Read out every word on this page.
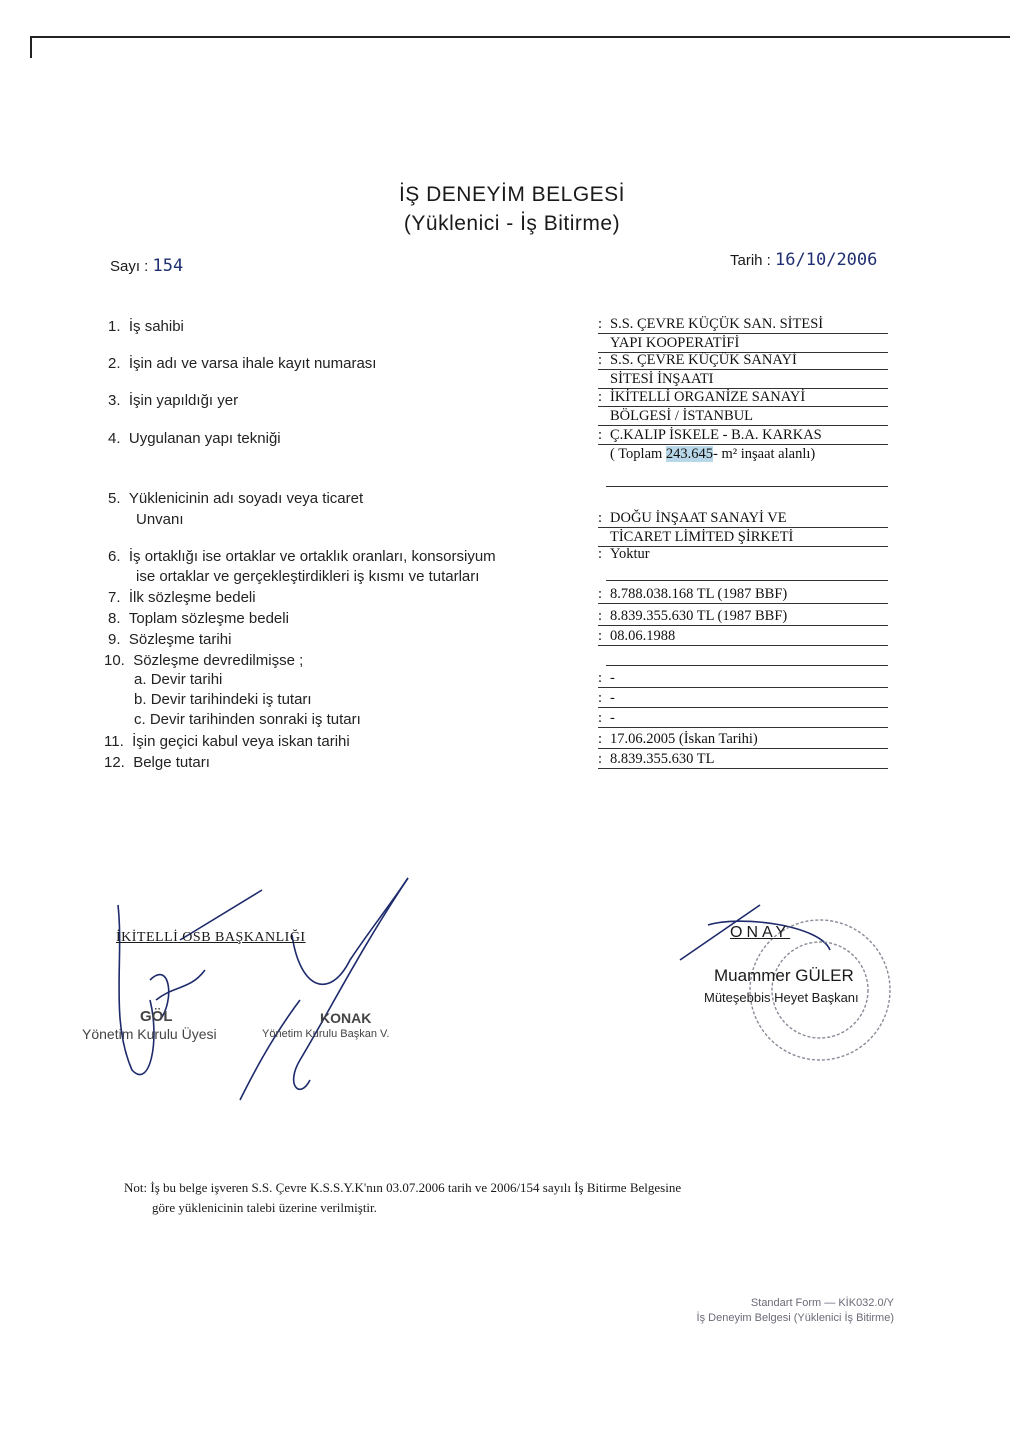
İŞ DENEYİM BELGESİ
(Yüklenici - İş Bitirme)
Sayı : 154	Tarih : 16/10/2006
1. İş sahibi
2. İşin adı ve varsa ihale kayıt numarası
3. İşin yapıldığı yer
4. Uygulanan yapı tekniği
5. Yüklenicinin adı soyadı veya ticaret
Unvanı
6. İş ortaklığı ise ortaklar ve ortaklık oranları, konsorsiyum
ise ortaklar ve gerçekleştirdikleri iş kısmı ve tutarları
7. İlk sözleşme bedeli
8. Toplam sözleşme bedeli
9. Sözleşme tarihi
10. Sözleşme devredilmişse ;
a. Devir tarihi
b. Devir tarihindeki iş tutarı
c. Devir tarihinden sonraki iş tutarı
11. İşin geçici kabul veya iskan tarihi
12. Belge tutarı
: S.S. ÇEVRE KÜÇÜK SAN. SİTESİ
YAPI KOOPERATİFİ
: S.S. ÇEVRE KÜÇÜK SANAYİ
SİTESİ İNŞAATI
: İKİTELLİ ORGANİZE SANAYİ
BÖLGESİ / İSTANBUL
: Ç.KALIP İSKELE - B.A. KARKAS
( Toplam 243.645- m² inşaat alanlı)
: DOĞU İNŞAAT SANAYİ VE
TİCARET LİMİTED ŞİRKETİ
: Yoktur
: 8.788.038.168 TL (1987 BBF)
: 8.839.355.630 TL (1987 BBF)
: 08.06.1988
: -
: -
: -
: 17.06.2005 (İskan Tarihi)
: 8.839.355.630 TL
İKİTELLİ OSB BAŞKANLIĞI
GÖL
Yönetim Kurulu Üyesi
KONAK
Yönetim Kurulu Başkan V.
ONAY
Muammer GÜLER
Müteşebbis Heyet Başkanı
Not: İş bu belge işveren S.S. Çevre K.S.S.Y.K'nın 03.07.2006 tarih ve 2006/154 sayılı İş Bitirme Belgesine
göre yüklenicinin talebi üzerine verilmiştir.
Standart Form — KİK032.0/Y
İş Deneyim Belgesi (Yüklenici İş Bitirme)
